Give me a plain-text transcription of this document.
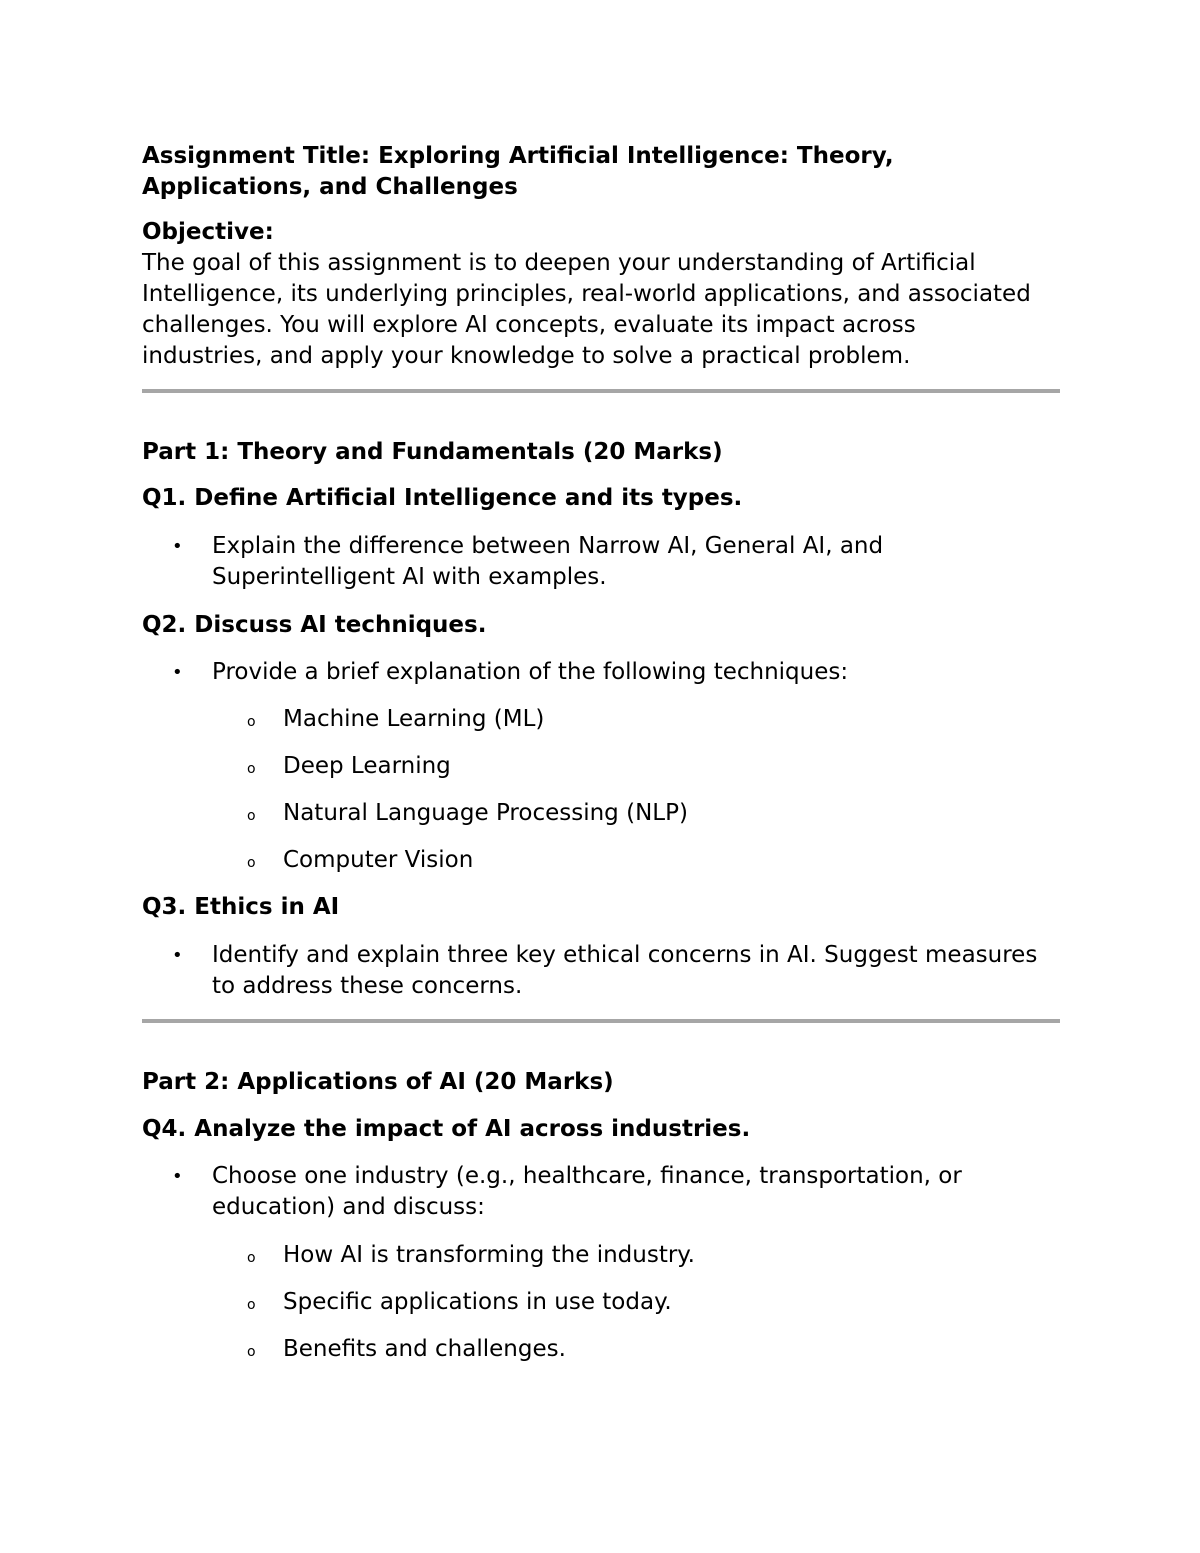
Assignment Title: Exploring Artificial Intelligence: Theory,

Applications, and Challenges

Objective:

The goal of this assignment is to deepen your understanding of Artificial

Intelligence, its underlying principles, real-world applications, and associated

challenges. You will explore AI concepts, evaluate its impact across

industries, and apply your knowledge to solve a practical problem.

Part 1: Theory and Fundamentals (20 Marks)

Q1. Define Artificial Intelligence and its types.

• Explain the difference between Narrow AI, General AI, and
Superintelligent AI with examples.

Q2. Discuss AI techniques.

• Provide a brief explanation of the following techniques:
o Machine Learning (ML)
o Deep Learning
o Natural Language Processing (NLP)
o Computer Vision

Q3. Ethics in AI

• Identify and explain three key ethical concerns in AI. Suggest measures
to address these concerns.

Part 2: Applications of AI (20 Marks)

Q4. Analyze the impact of AI across industries.

• Choose one industry (e.g., healthcare, finance, transportation, or
education) and discuss:
o How AI is transforming the industry.
o Specific applications in use today.
o Benefits and challenges.
